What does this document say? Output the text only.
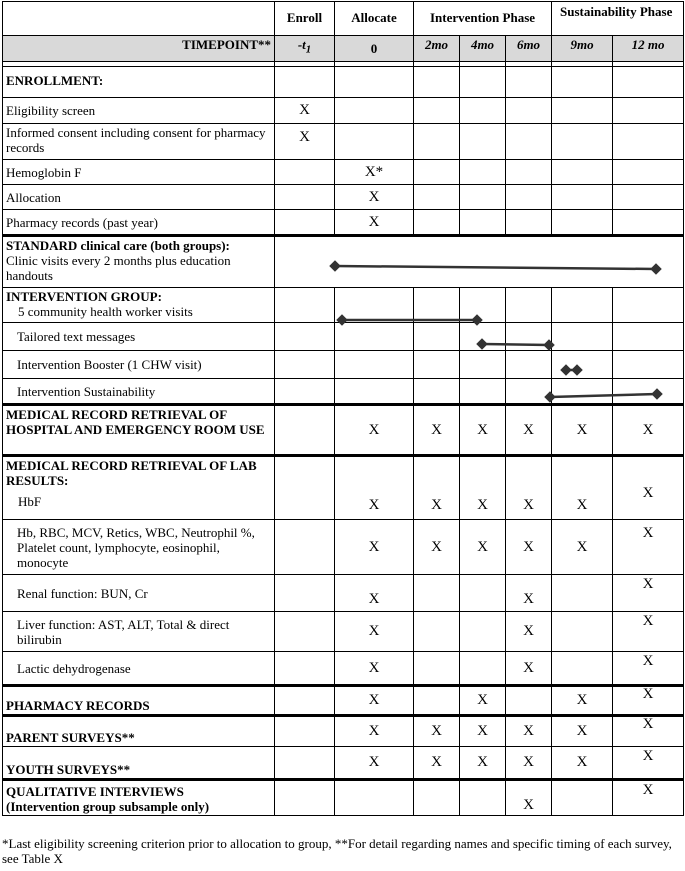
	Enroll	Allocate	Intervention Phase			Sustainability Phase	
TIMEPOINT**	$-t_1$	0	2mo	4mo	6mo	9mo	12 mo

ENROLLMENT:							
Eligibility screen	X						
Informed consent including consent for pharmacy records	X						
Hemoglobin F		X*					
Allocation		X					
Pharmacy records (past year)		X					

STANDARD clinical care (both groups):
Clinic visits every 2 months plus education handouts							

INTERVENTION GROUP:
5 community health worker visits							

Tailored text messages							
Intervention Booster (1 CHW visit)							
Intervention Sustainability							
MEDICAL RECORD RETRIEVAL OF HOSPITAL AND EMERGENCY ROOM USE		X	X	X	X	X	X

MEDICAL RECORD RETRIEVAL OF LAB RESULTS:
HbF		X	X	X	X	X	X
Hb, RBC, MCV, Retics, WBC, Neutrophil %, Platelet count, lymphocyte, eosinophil, monocyte		X	X	X	X	X	X
Renal function: BUN, Cr		X			X		X
Liver function: AST, ALT, Total & direct bilirubin		X			X		X
Lactic dehydrogenase		X			X		X
PHARMACY RECORDS		X		X		X	X
PARENT SURVEYS**		X	X	X	X	X	X
YOUTH SURVEYS**		X	X	X	X	X	X

QUALITATIVE INTERVIEWS
(Intervention group subsample only)					X		X
*Last eligibility screening criterion prior to allocation to group, **For detail regarding names and specific timing of each survey, see Table X
